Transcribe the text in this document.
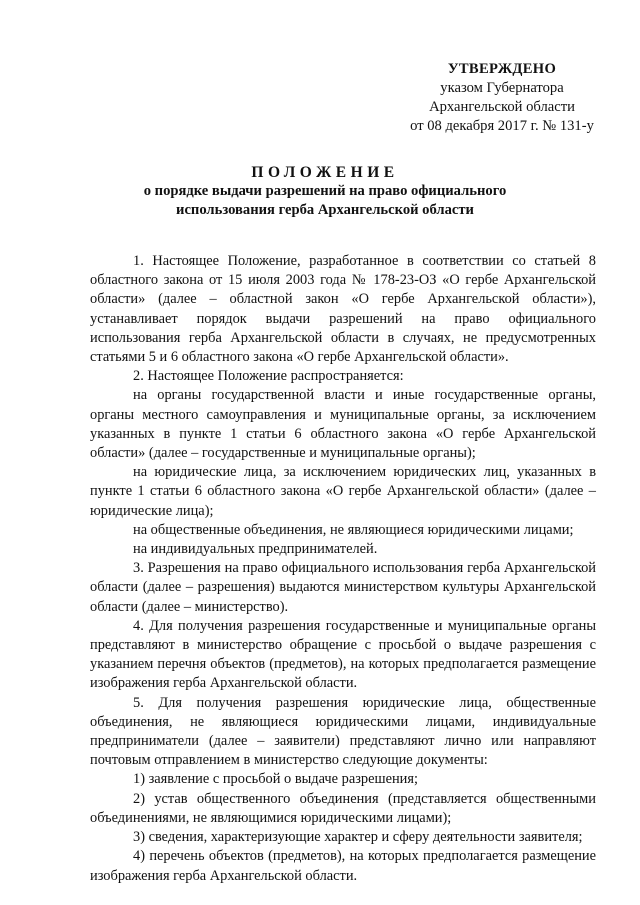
УТВЕРЖДЕНО
указом Губернатора
Архангельской области
от 08 декабря 2017 г. № 131-у
ПОЛОЖЕНИЕ
о порядке выдачи разрешений на право официального
использования герба Архангельской области

1. Настоящее Положение, разработанное в соответствии со статьей 8 областного закона от 15 июля 2003 года № 178-23-ОЗ «О гербе Архангельской области» (далее – областной закон «О гербе Архангельской области»), устанавливает порядок выдачи разрешений на право официального использования герба Архангельской области в случаях, не предусмотренных статьями 5 и 6 областного закона «О гербе Архангельской области».

2. Настоящее Положение распространяется:

на органы государственной власти и иные государственные органы, органы местного самоуправления и муниципальные органы, за исключением указанных в пункте 1 статьи 6 областного закона «О гербе Архангельской области» (далее – государственные и муниципальные органы);

на юридические лица, за исключением юридических лиц, указанных в пункте 1 статьи 6 областного закона «О гербе Архангельской области» (далее – юридические лица);

на общественные объединения, не являющиеся юридическими лицами;

на индивидуальных предпринимателей.

3. Разрешения на право официального использования герба Архангельской области (далее – разрешения) выдаются министерством культуры Архангельской области (далее – министерство).

4. Для получения разрешения государственные и муниципальные органы представляют в министерство обращение с просьбой о выдаче разрешения с указанием перечня объектов (предметов), на которых предполагается размещение изображения герба Архангельской области.

5. Для получения разрешения юридические лица, общественные объединения, не являющиеся юридическими лицами, индивидуальные предприниматели (далее – заявители) представляют лично или направляют почтовым отправлением в министерство следующие документы:

1) заявление с просьбой о выдаче разрешения;

2) устав общественного объединения (представляется общественными объединениями, не являющимися юридическими лицами);

3) сведения, характеризующие характер и сферу деятельности заявителя;

4) перечень объектов (предметов), на которых предполагается размещение изображения герба Архангельской области.
